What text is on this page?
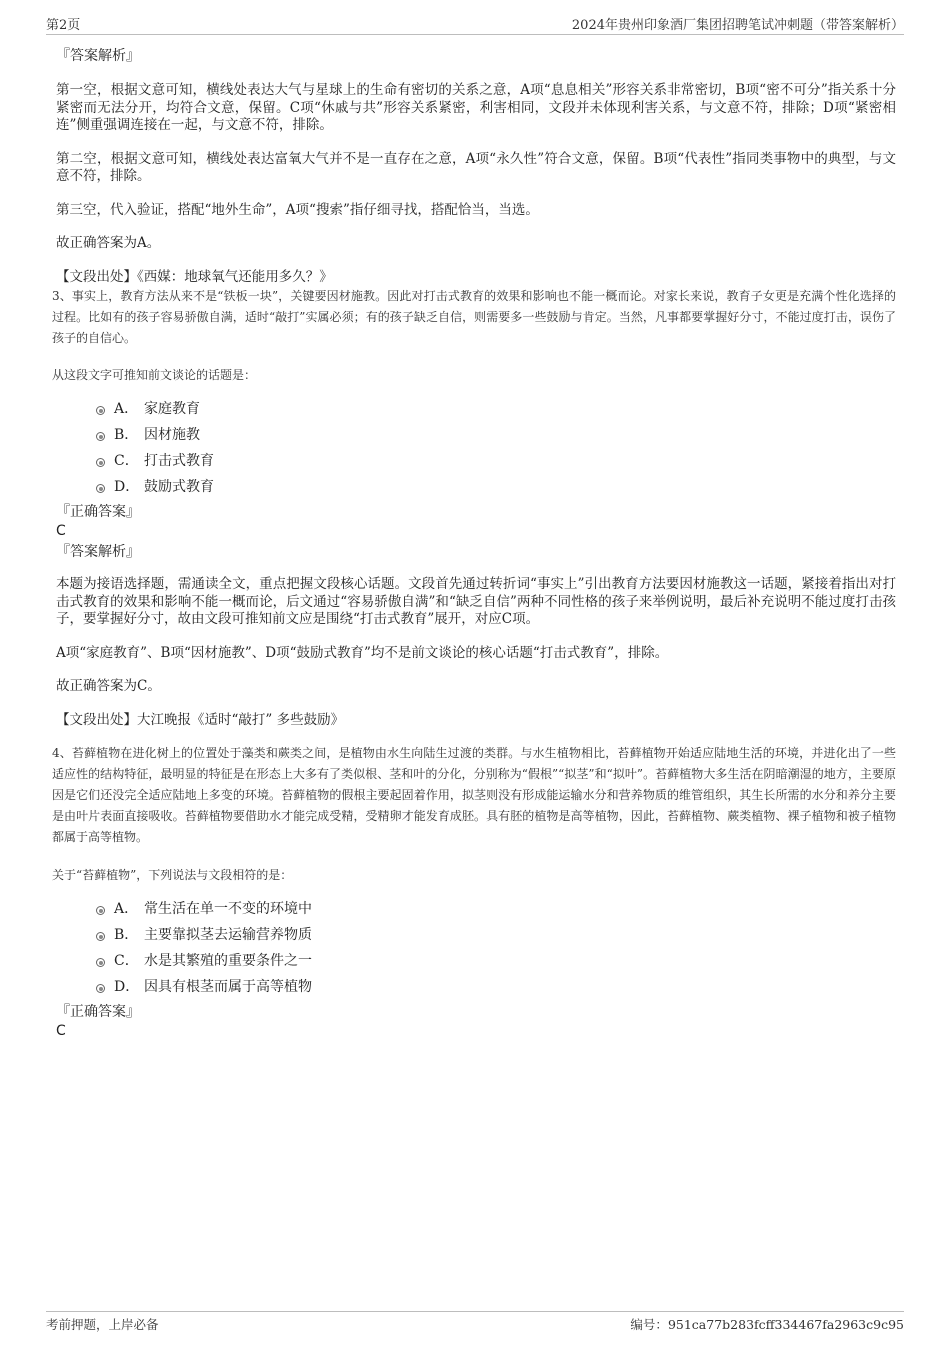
第2页	2024年贵州印象酒厂集团招聘笔试冲刺题（带答案解析）

『答案解析』

第一空，根据文意可知，横线处表达大气与星球上的生命有密切的关系之意，A项“息息相关”形容关系非常密切，B项“密不可分”指关系十分紧密而无法分开，均符合文意，保留。C项“休戚与共”形容关系紧密，利害相同，文段并未体现利害关系，与文意不符，排除；D项“紧密相连”侧重强调连接在一起，与文意不符，排除。

第二空，根据文意可知，横线处表达富氧大气并不是一直存在之意，A项“永久性”符合文意，保留。B项“代表性”指同类事物中的典型，与文意不符，排除。

第三空，代入验证，搭配“地外生命”，A项“搜索”指仔细寻找，搭配恰当，当选。

故正确答案为A。

【文段出处】《西媒：地球氧气还能用多久？》

3、事实上，教育方法从来不是“铁板一块”，关键要因材施教。因此对打击式教育的效果和影响也不能一概而论。对家长来说，教育子女更是充满个性化选择的过程。比如有的孩子容易骄傲自满，适时“敲打”实属必须；有的孩子缺乏自信，则需要多一些鼓励与肯定。当然，凡事都要掌握好分寸，不能过度打击，误伤了孩子的自信心。

从这段文字可推知前文谈论的话题是：

A． 家庭教育
B． 因材施教
C． 打击式教育
D． 鼓励式教育

『正确答案』

C

『答案解析』

本题为接语选择题，需通读全文，重点把握文段核心话题。文段首先通过转折词“事实上”引出教育方法要因材施教这一话题，紧接着指出对打击式教育的效果和影响不能一概而论，后文通过“容易骄傲自满”和“缺乏自信”两种不同性格的孩子来举例说明，最后补充说明不能过度打击孩子，要掌握好分寸，故由文段可推知前文应是围绕“打击式教育”展开，对应C项。

A项“家庭教育”、B项“因材施教”、D项“鼓励式教育”均不是前文谈论的核心话题“打击式教育”，排除。

故正确答案为C。

【文段出处】大江晚报《适时“敲打” 多些鼓励》

4、苔藓植物在进化树上的位置处于藻类和蕨类之间，是植物由水生向陆生过渡的类群。与水生植物相比，苔藓植物开始适应陆地生活的环境，并进化出了一些适应性的结构特征，最明显的特征是在形态上大多有了类似根、茎和叶的分化，分别称为“假根”“拟茎”和“拟叶”。苔藓植物大多生活在阴暗潮湿的地方，主要原因是它们还没完全适应陆地上多变的环境。苔藓植物的假根主要起固着作用，拟茎则没有形成能运输水分和营养物质的维管组织，其生长所需的水分和养分主要是由叶片表面直接吸收。苔藓植物要借助水才能完成受精，受精卵才能发育成胚。具有胚的植物是高等植物，因此，苔藓植物、蕨类植物、裸子植物和被子植物都属于高等植物。

关于“苔藓植物”，下列说法与文段相符的是：

A． 常生活在单一不变的环境中
B． 主要靠拟茎去运输营养物质
C． 水是其繁殖的重要条件之一
D． 因具有根茎而属于高等植物

『正确答案』

C

考前押题，上岸必备	编号：951ca77b283fcff334467fa2963c9c95
